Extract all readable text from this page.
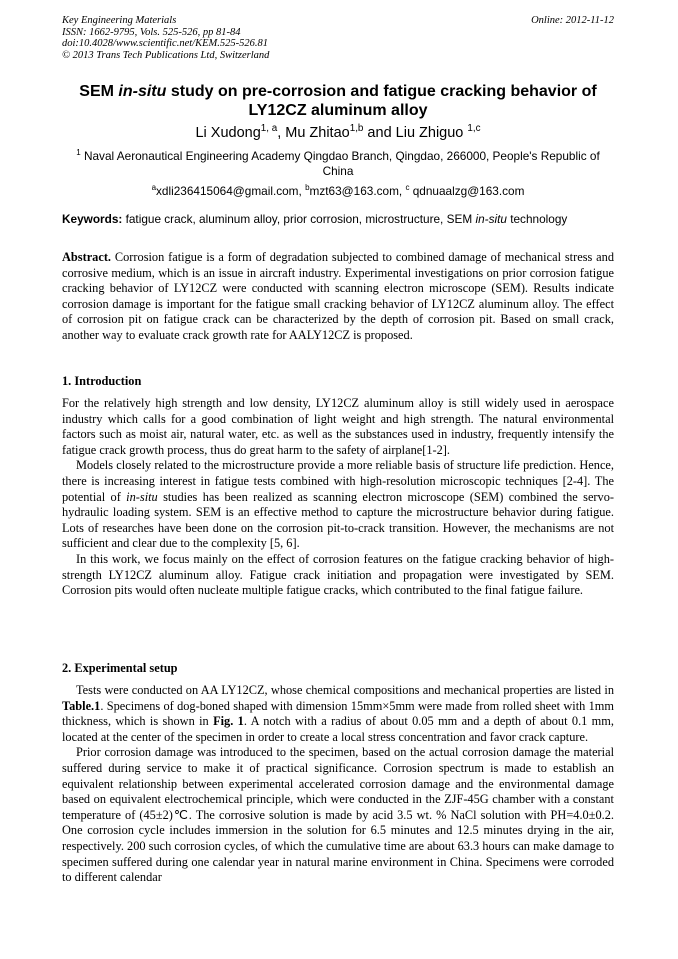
Key Engineering Materials
ISSN: 1662-9795, Vols. 525-526, pp 81-84
doi:10.4028/www.scientific.net/KEM.525-526.81
© 2013 Trans Tech Publications Ltd, Switzerland
Online: 2012-11-12
SEM in-situ study on pre-corrosion and fatigue cracking behavior of LY12CZ aluminum alloy
Li Xudong$^{1, a}$, Mu Zhitao$^{1,b}$ and Liu Zhiguo $^{1,c}$
$^1$ Naval Aeronautical Engineering Academy Qingdao Branch, Qingdao, 266000, People's Republic of China
$^a$xdli236415064@gmail.com, $^b$mzt63@163.com, $^c$ qdnuaalzg@163.com
Keywords: fatigue crack, aluminum alloy, prior corrosion, microstructure, SEM in-situ technology

Abstract. Corrosion fatigue is a form of degradation subjected to combined damage of mechanical stress and corrosive medium, which is an issue in aircraft industry. Experimental investigations on prior corrosion fatigue cracking behavior of LY12CZ were conducted with scanning electron microscope (SEM). Results indicate corrosion damage is important for the fatigue small cracking behavior of LY12CZ aluminum alloy. The effect of corrosion pit on fatigue crack can be characterized by the depth of corrosion pit. Based on small crack, another way to evaluate crack growth rate for AALY12CZ is proposed.

1. Introduction

For the relatively high strength and low density, LY12CZ aluminum alloy is still widely used in aerospace industry which calls for a good combination of light weight and high strength. The natural environmental factors such as moist air, natural water, etc. as well as the substances used in industry, frequently intensify the fatigue crack growth process, thus do great harm to the safety of airplane[1-2].

Models closely related to the microstructure provide a more reliable basis of structure life prediction. Hence, there is increasing interest in fatigue tests combined with high-resolution microscopic techniques [2-4]. The potential of in-situ studies has been realized as scanning electron microscope (SEM) combined the servo-hydraulic loading system. SEM is an effective method to capture the microstructure behavior during fatigue. Lots of researches have been done on the corrosion pit-to-crack transition. However, the mechanisms are not sufficient and clear due to the complexity [5, 6].

In this work, we focus mainly on the effect of corrosion features on the fatigue cracking behavior of high-strength LY12CZ aluminum alloy. Fatigue crack initiation and propagation were investigated by SEM. Corrosion pits would often nucleate multiple fatigue cracks, which contributed to the final fatigue failure.

2. Experimental setup

Tests were conducted on AA LY12CZ, whose chemical compositions and mechanical properties are listed in Table.1. Specimens of dog-boned shaped with dimension 15mm×5mm were made from rolled sheet with 1mm thickness, which is shown in Fig. 1. A notch with a radius of about 0.05 mm and a depth of about 0.1 mm, located at the center of the specimen in order to create a local stress concentration and favor crack capture.

Prior corrosion damage was introduced to the specimen, based on the actual corrosion damage the material suffered during service to make it of practical significance. Corrosion spectrum is made to establish an equivalent relationship between experimental accelerated corrosion damage and the environmental damage based on equivalent electrochemical principle, which were conducted in the ZJF-45G chamber with a constant temperature of (45±2)℃. The corrosive solution is made by acid 3.5 wt. % NaCl solution with PH=4.0±0.2. One corrosion cycle includes immersion in the solution for 6.5 minutes and 12.5 minutes drying in the air, respectively. 200 such corrosion cycles, of which the cumulative time are about 63.3 hours can make damage to specimen suffered during one calendar year in natural marine environment in China. Specimens were corroded to different calendar
